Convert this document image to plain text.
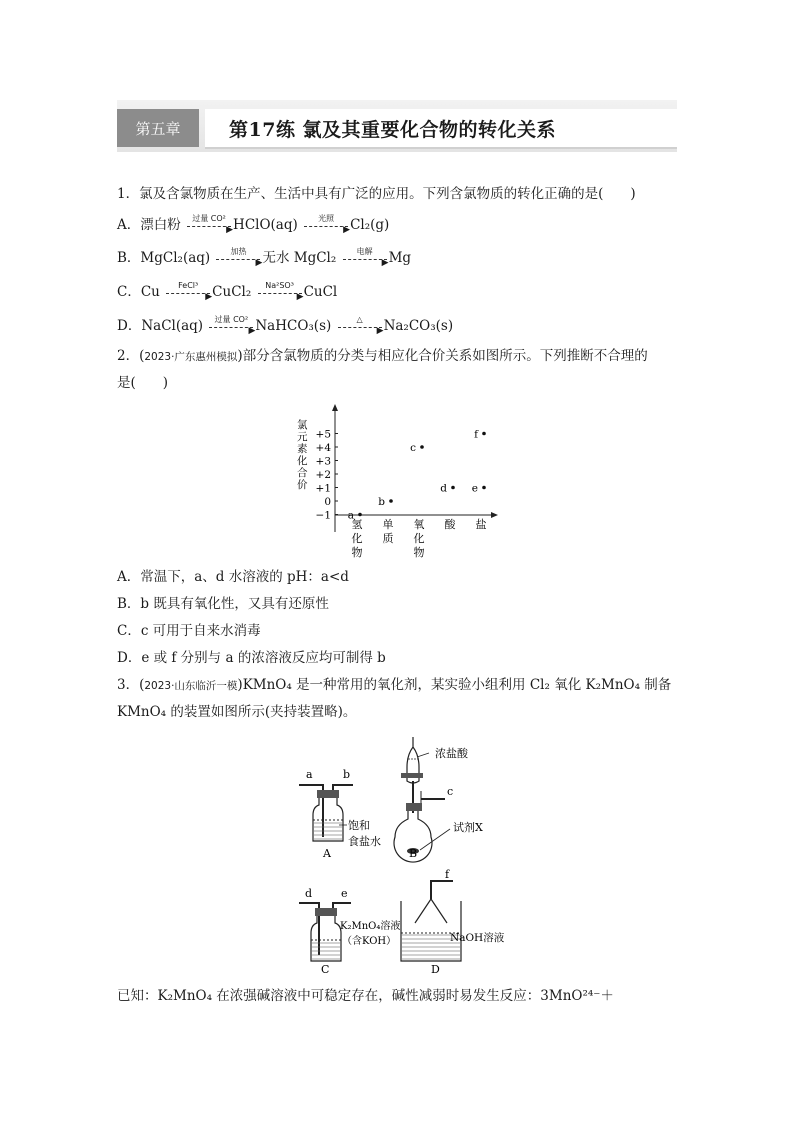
第五章	第17练 氯及其重要化合物的转化关系
1．氯及含氯物质在生产、生活中具有广泛的应用。下列含氯物质的转化正确的是(　　)
A．漂白粉	过量 CO²
▶ HClO(aq)	光照
▶ Cl₂(g)
B．MgCl₂(aq)	加热
▶ 无水 MgCl₂	电解
▶ Mg
C．Cu	FeCl³
▶ CuCl₂	Na²SO³
▶ CuCl
D．NaCl(aq)	过量 CO²
▶ NaHCO₃(s)	△
▶ Na₂CO₃(s)
2．(2023·广东惠州模拟)部分含氯物质的分类与相应化合价关系如图所示。下列推断不合理的
是(　　)
氯
元
素
化
合
价
+5
+4
+3
+2
+1
0
−1
氢
化
物
单
质
氧
化
物
酸 盐
a
b
c
d e
f
A．常温下，a、d 水溶液的 pH：a<d
B．b 既具有氧化性，又具有还原性
C．c 可用于自来水消毒
D．e 或 f 分别与 a 的浓溶液反应均可制得 b
3．(2023·山东临沂一模)KMnO₄ 是一种常用的氧化剂，某实验小组利用 Cl₂ 氧化 K₂MnO₄ 制备
KMnO₄ 的装置如图所示(夹持装置略)。
a	b
饱和
食盐水
A
浓盐酸
c
试剂X
B
d	e
K₂MnO₄溶液
（含KOH）
C
f
NaOH溶液
D
已知：K₂MnO₄ 在浓强碱溶液中可稳定存在，碱性减弱时易发生反应：3MnO²⁴⁻＋
